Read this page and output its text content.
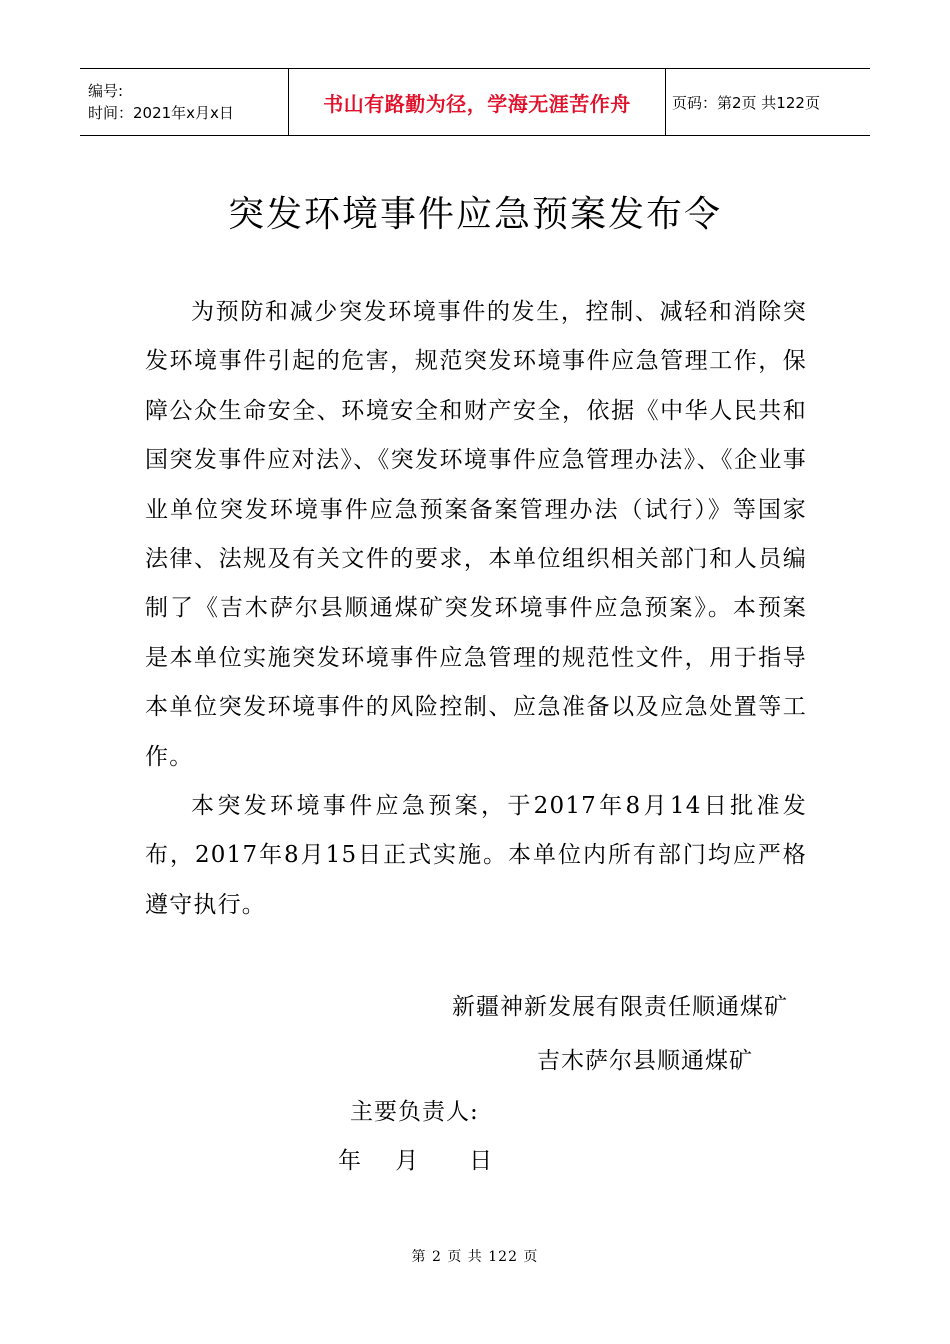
编号:
时间：2021年x月x日	书山有路勤为径，学海无涯苦作舟	页码：第2页 共122页
突发环境事件应急预案发布令

为预防和减少突发环境事件的发生，控制、减轻和消除突发环境事件引起的危害，规范突发环境事件应急管理工作，保障公众生命安全、环境安全和财产安全，依据《中华人民共和国突发事件应对法》、《突发环境事件应急管理办法》、《企业事业单位突发环境事件应急预案备案管理办法（试行）》等国家法律、法规及有关文件的要求，本单位组织相关部门和人员编制了《吉木萨尔县顺通煤矿突发环境事件应急预案》。本预案是本单位实施突发环境事件应急管理的规范性文件，用于指导本单位突发环境事件的风险控制、应急准备以及应急处置等工作。

本突发环境事件应急预案，于2017年8月14日批准发布，2017年8月15日正式实施。本单位内所有部门均应严格遵守执行。

新疆神新发展有限责任顺通煤矿
吉木萨尔县顺通煤矿
主要负责人:
年    月      日
第 2 页 共 122 页
